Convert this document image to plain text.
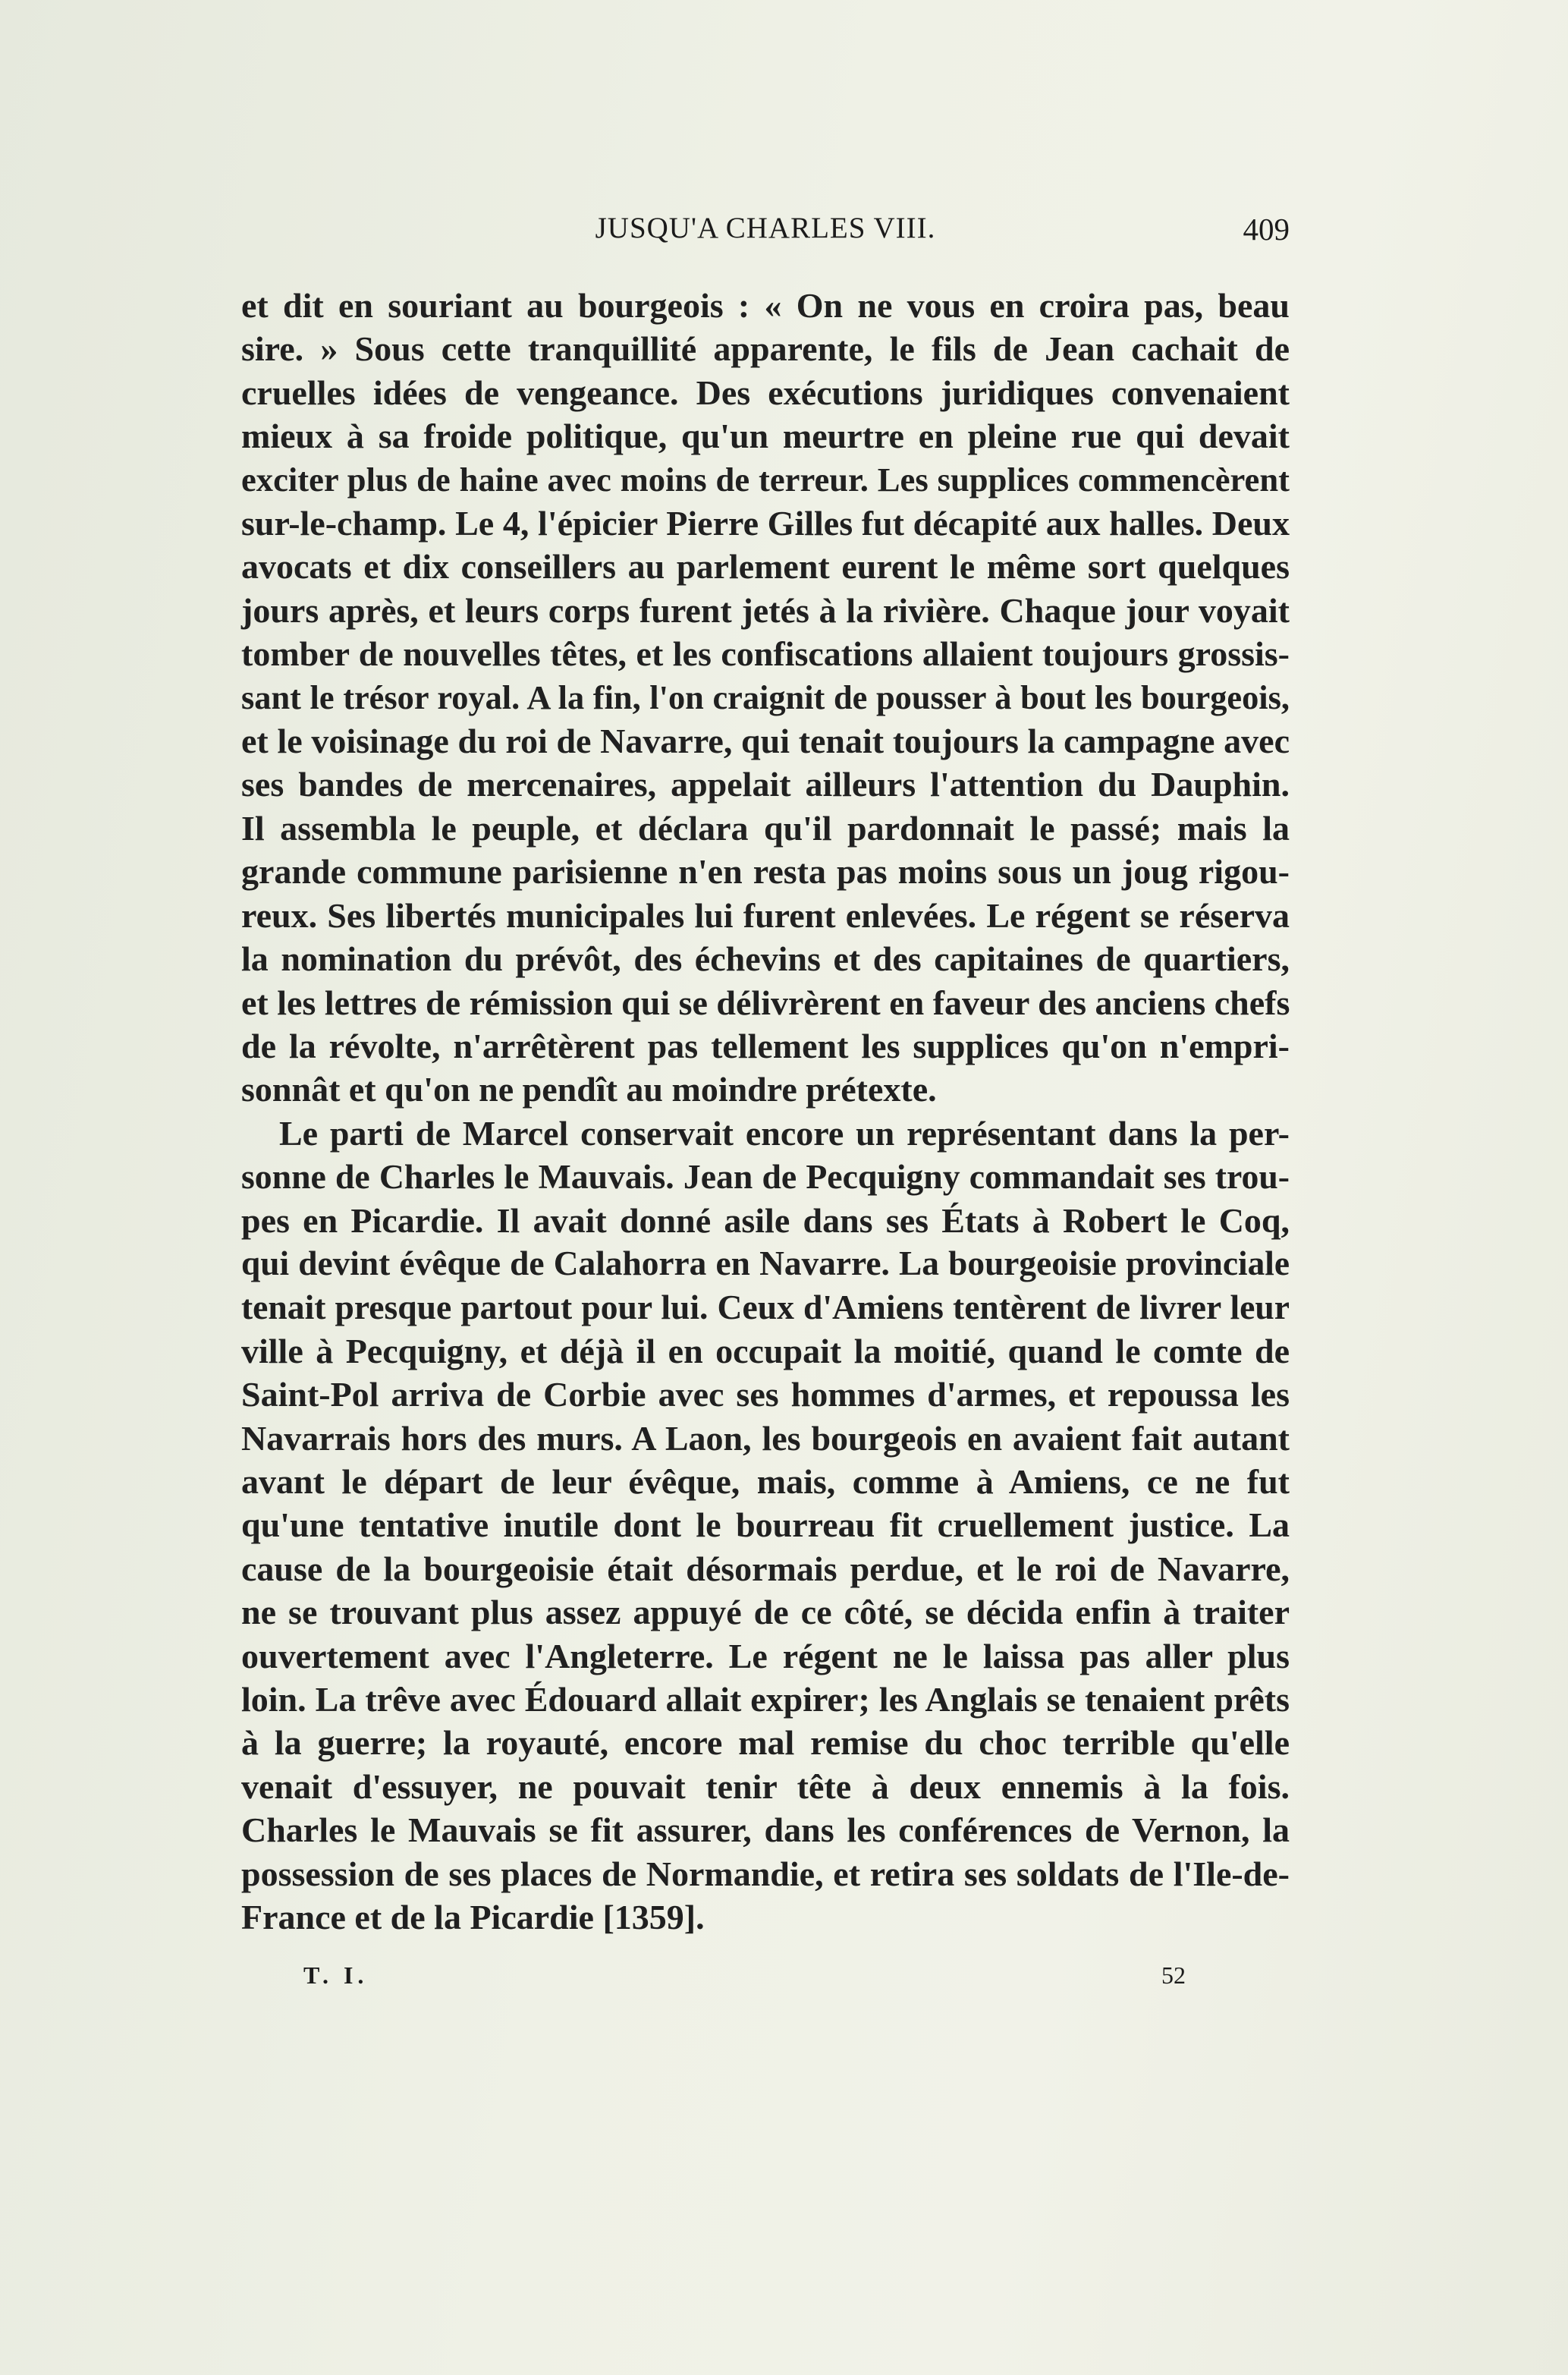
JUSQU'A CHARLES VIII.	409

et dit en souriant au bourgeois : « On ne vous en croira pas, beau
sire. » Sous cette tranquillité apparente, le fils de Jean cachait de
cruelles idées de vengeance. Des exécutions juridiques convenaient
mieux à sa froide politique, qu'un meurtre en pleine rue qui devait
exciter plus de haine avec moins de terreur. Les supplices commencèrent
sur-le-champ. Le 4, l'épicier Pierre Gilles fut décapité aux halles. Deux
avocats et dix conseillers au parlement eurent le même sort quelques
jours après, et leurs corps furent jetés à la rivière. Chaque jour voyait
tomber de nouvelles têtes, et les confiscations allaient toujours grossis-
sant le trésor royal. A la fin, l'on craignit de pousser à bout les bourgeois,
et le voisinage du roi de Navarre, qui tenait toujours la campagne avec
ses bandes de mercenaires, appelait ailleurs l'attention du Dauphin.
Il assembla le peuple, et déclara qu'il pardonnait le passé; mais la
grande commune parisienne n'en resta pas moins sous un joug rigou-
reux. Ses libertés municipales lui furent enlevées. Le régent se réserva
la nomination du prévôt, des échevins et des capitaines de quartiers,
et les lettres de rémission qui se délivrèrent en faveur des anciens chefs
de la révolte, n'arrêtèrent pas tellement les supplices qu'on n'empri-
sonnât et qu'on ne pendît au moindre prétexte.

Le parti de Marcel conservait encore un représentant dans la per-
sonne de Charles le Mauvais. Jean de Pecquigny commandait ses trou-
pes en Picardie. Il avait donné asile dans ses États à Robert le Coq,
qui devint évêque de Calahorra en Navarre. La bourgeoisie provinciale
tenait presque partout pour lui. Ceux d'Amiens tentèrent de livrer leur
ville à Pecquigny, et déjà il en occupait la moitié, quand le comte de
Saint-Pol arriva de Corbie avec ses hommes d'armes, et repoussa les
Navarrais hors des murs. A Laon, les bourgeois en avaient fait autant
avant le départ de leur évêque, mais, comme à Amiens, ce ne fut
qu'une tentative inutile dont le bourreau fit cruellement justice. La
cause de la bourgeoisie était désormais perdue, et le roi de Navarre,
ne se trouvant plus assez appuyé de ce côté, se décida enfin à traiter
ouvertement avec l'Angleterre. Le régent ne le laissa pas aller plus
loin. La trêve avec Édouard allait expirer; les Anglais se tenaient prêts
à la guerre; la royauté, encore mal remise du choc terrible qu'elle
venait d'essuyer, ne pouvait tenir tête à deux ennemis à la fois.
Charles le Mauvais se fit assurer, dans les conférences de Vernon, la
possession de ses places de Normandie, et retira ses soldats de l'Ile-de-
France et de la Picardie [1359].

T. I.	52
